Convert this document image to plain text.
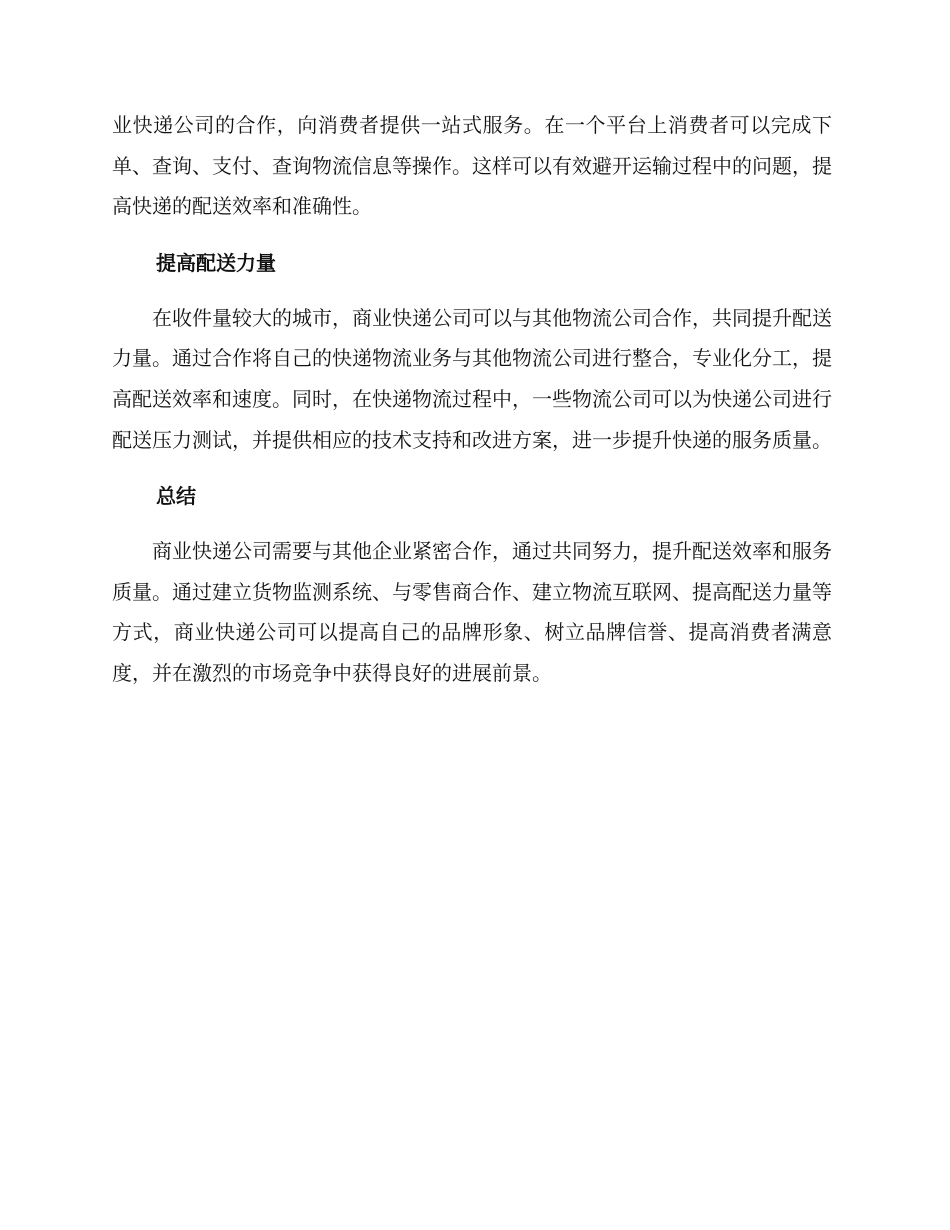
业快递公司的合作，向消费者提供一站式服务。在一个平台上消费者可以完成下单、查询、支付、查询物流信息等操作。这样可以有效避开运输过程中的问题，提高快递的配送效率和准确性。

提高配送力量

在收件量较大的城市，商业快递公司可以与其他物流公司合作，共同提升配送力量。通过合作将自己的快递物流业务与其他物流公司进行整合，专业化分工，提高配送效率和速度。同时，在快递物流过程中，一些物流公司可以为快递公司进行配送压力测试，并提供相应的技术支持和改进方案，进一步提升快递的服务质量。

总结

商业快递公司需要与其他企业紧密合作，通过共同努力，提升配送效率和服务质量。通过建立货物监测系统、与零售商合作、建立物流互联网、提高配送力量等方式，商业快递公司可以提高自己的品牌形象、树立品牌信誉、提高消费者满意度，并在激烈的市场竞争中获得良好的进展前景。
